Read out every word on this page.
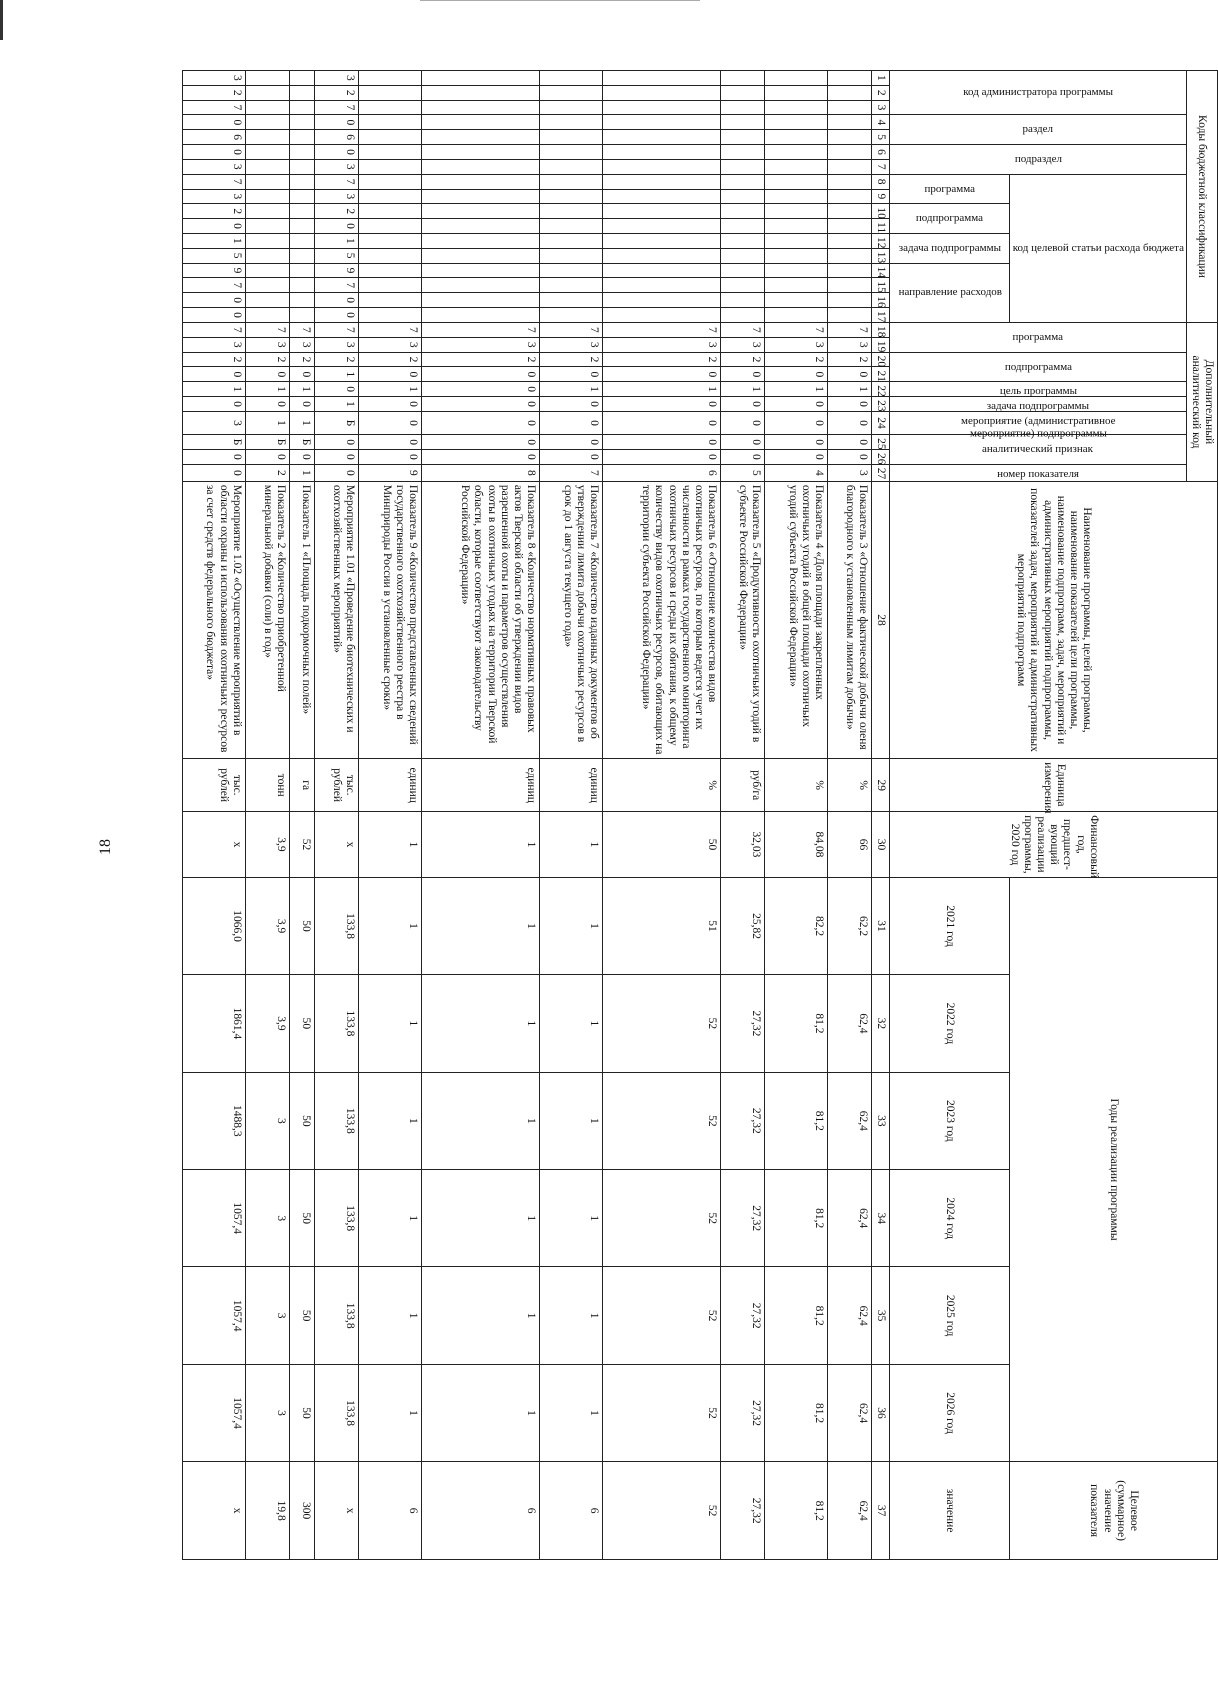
18
Коды бюджетной классификации																	Дополнительный аналитический код										Наименование программы, целей программы, наименование показателей цели программы, наименование подпрограмм, задач, мероприятий и административных мероприятий подпрограммы, показателей задач, мероприятий и административных мероприятий подпрограмм	Единица измерения	Финансовый год, предшест-вующий реализации программы, 2020 год	Годы реализации программы						Целевое (суммарное) значение показателя

код администратора программы			раздел		подраздел		код целевой статьи расхода бюджета										программа		подпрограмма		цель программы	задача подпрограммы	мероприятие (административное мероприятие) подпрограммы	аналитический признак		номер показателя										

							программа		подпрограмма		задача подпрограммы		направление расходов																	2021 год	2022 год	2023 год	2024 год	2025 год	2026 год	значение

1	2	3	4	5	6	7	8	9	10	11	12	13	14	15	16	17	18	19	20	21	22	23	24	25	26	27	28	29	30	31	32	33	34	35	36	37
																	7	3	2	0	1	0	0	0	0	3	Показатель 3 «Отношение фактической добычи оленя благородного к установленным лимитам добычи»	%	66	62,2	62,4	62,4	62,4	62,4	62,4	62,4
																	7	3	2	0	1	0	0	0	0	4	Показатель 4 «Доля площади закрепленных охотничьих угодий в общей площади охотничьих угодий субъекта Российской Федерации»	%	84,08	82,2	81,2	81,2	81,2	81,2	81,2	81,2
																	7	3	2	0	1	0	0	0	0	5	Показатель 5 «Продуктивность охотничьих угодий в субъекте Российской Федерации»	руб/га	32,03	25,82	27,32	27,32	27,32	27,32	27,32	27,32
																	7	3	2	0	1	0	0	0	0	6	Показатель 6 «Отношение количества видов охотничьих ресурсов, по которым ведется учет их численности в рамках государственного мониторинга охотничьих ресурсов и среды их обитания, к общему количеству видов охотничьих ресурсов, обитающих на территории субъекта Российской Федерации»	%	50	51	52	52	52	52	52	52
																	7	3	2	0	1	0	0	0	0	7	Показатель 7 «Количество изданных документов об утверждении лимита добычи охотничьих ресурсов в срок до 1 августа текущего года»	единиц	1	1	1	1	1	1	1	6
																	7	3	2	0	0	0	0	0	0	8	Показатель 8 «Количество нормативных правовых актов Тверской области об утверждении видов разрешенной охоты и параметров осуществления охоты в охотничьих угодьях на территории Тверской области, которые соответствуют законодательству Российской Федерации»	единиц	1	1	1	1	1	1	1	6
																	7	3	2	0	1	0	0	0	0	9	Показатель 9 «Количество представленных сведений государственного охотхозяйственного реестра в Минприроды России в установленные сроки»	единиц	1	1	1	1	1	1	1	6
3	2	7	0	6	0	3	7	3	2	0	1	5	9	7	0	0	7	3	2	1	0	1	Б	0	0	0	Мероприятие 1.01 «Проведение биотехнических и охотхозяйственных мероприятий»	тыс. рублей	x	133,8	133,8	133,8	133,8	133,8	133,8	x
																	7	3	2	0	1	0	1	Б	0	1	Показатель 1 «Площадь подкормочных полей»	га	52	50	50	50	50	50	50	300
																	7	3	2	0	1	0	1	Б	0	2	Показатель 2 «Количество приобретенной минеральной добавки (соли) в год»	тонн	3,9	3,9	3,9	3	3	3	3	19,8
3	2	7	0	6	0	3	7	3	2	0	1	5	9	7	0	0	7	3	2	0	1	0	3	Б	0	0	Мероприятие 1.02 «Осуществление мероприятий в области охраны и использования охотничьих ресурсов за счет средств федерального бюджета»	тыс. рублей	x	1066,0	1861,4	1488,3	1057,4	1057,4	1057,4	x
